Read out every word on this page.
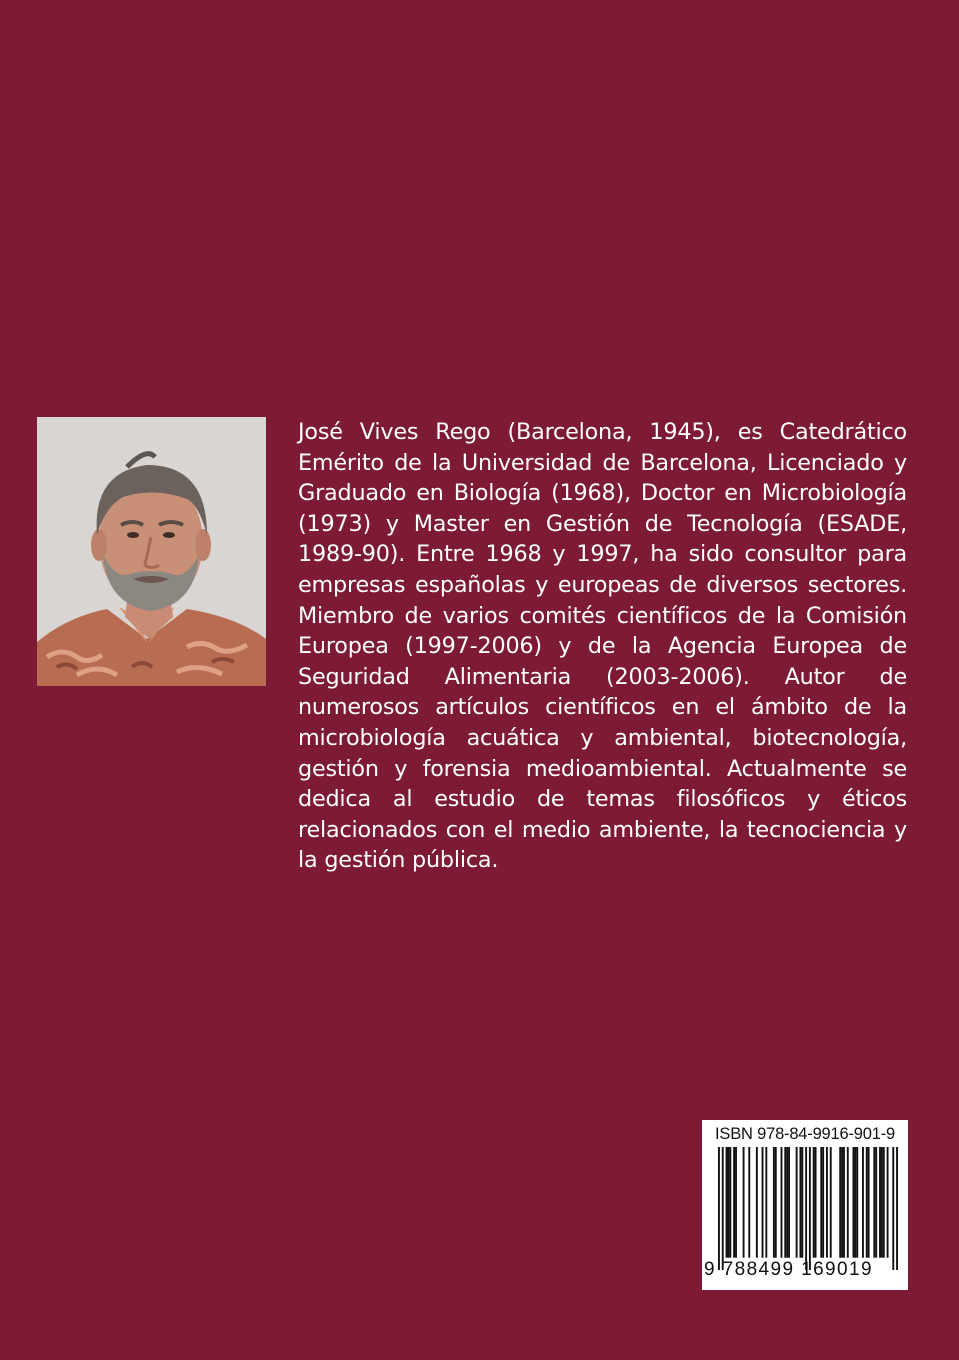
José Vives Rego (Barcelona, 1945), es Catedrático Emérito de la Universidad de Barcelona, Licenciado y Graduado en Biología (1968), Doctor en Microbiología (1973) y Master en Gestión de Tecnología (ESADE, 1989-90). Entre 1968 y 1997, ha sido consultor para empresas españolas y europeas de diversos sectores. Miembro de varios comités científicos de la Comisión Europea (1997-2006) y de la Agencia Europea de Seguridad Alimentaria (2003-2006). Autor de numerosos artículos científicos en el ámbito de la microbiología acuática y ambiental, biotecnología, gestión y forensia medioambiental. Actualmente se dedica al estudio de temas filosóficos y éticos relacionados con el medio ambiente, la tecnociencia y la gestión pública.

ISBN 978-84-9916-901-9
9 788499 169019
